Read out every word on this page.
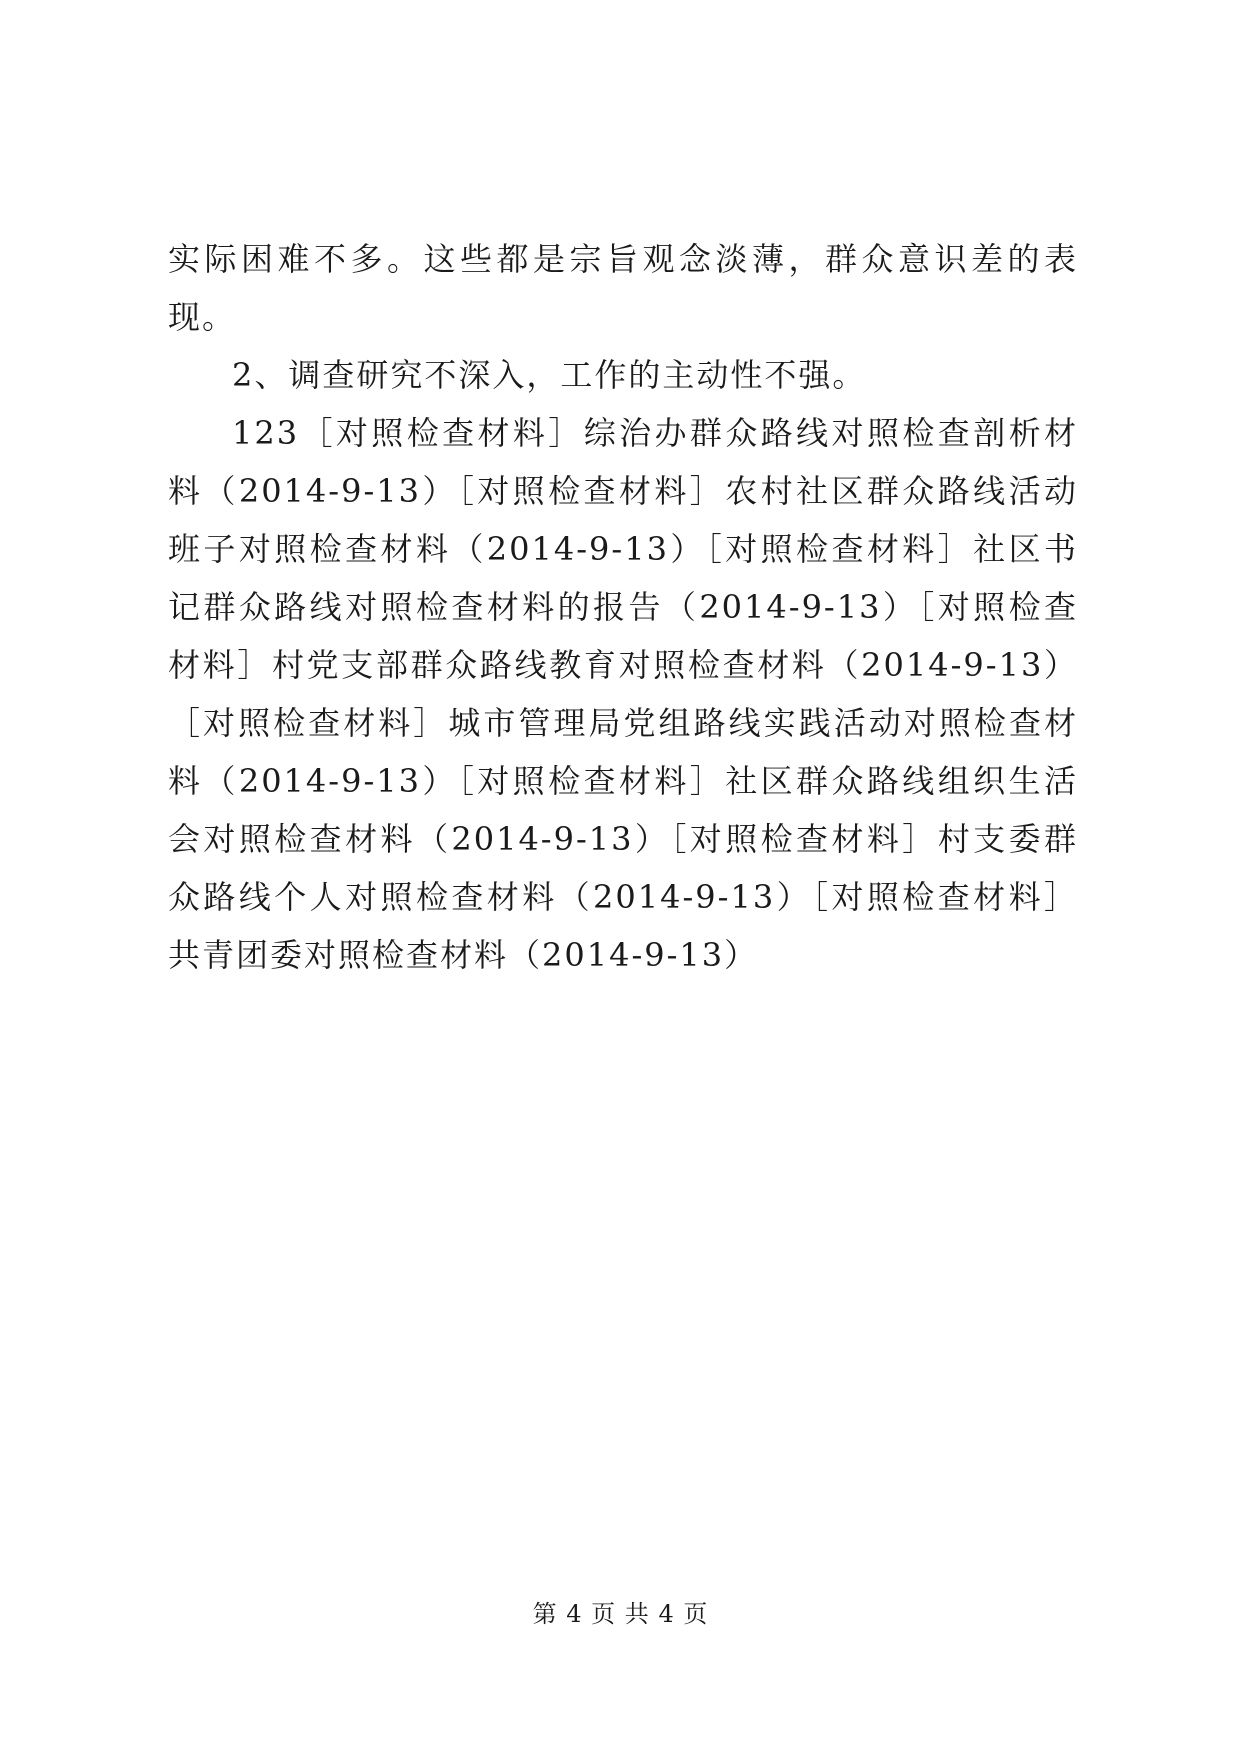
实际困难不多。这些都是宗旨观念淡薄，群众意识差的表现。

2、调查研究不深入，工作的主动性不强。

123［对照检查材料］综治办群众路线对照检查剖析材料（2014-9-13）［对照检查材料］农村社区群众路线活动班子对照检查材料（2014-9-13）［对照检查材料］社区书记群众路线对照检查材料的报告（2014-9-13）［对照检查材料］村党支部群众路线教育对照检查材料（2014-9-13）［对照检查材料］城市管理局党组路线实践活动对照检查材料（2014-9-13）［对照检查材料］社区群众路线组织生活会对照检查材料（2014-9-13）［对照检查材料］村支委群众路线个人对照检查材料（2014-9-13）［对照检查材料］共青团委对照检查材料（2014-9-13）

第 4 页 共 4 页
